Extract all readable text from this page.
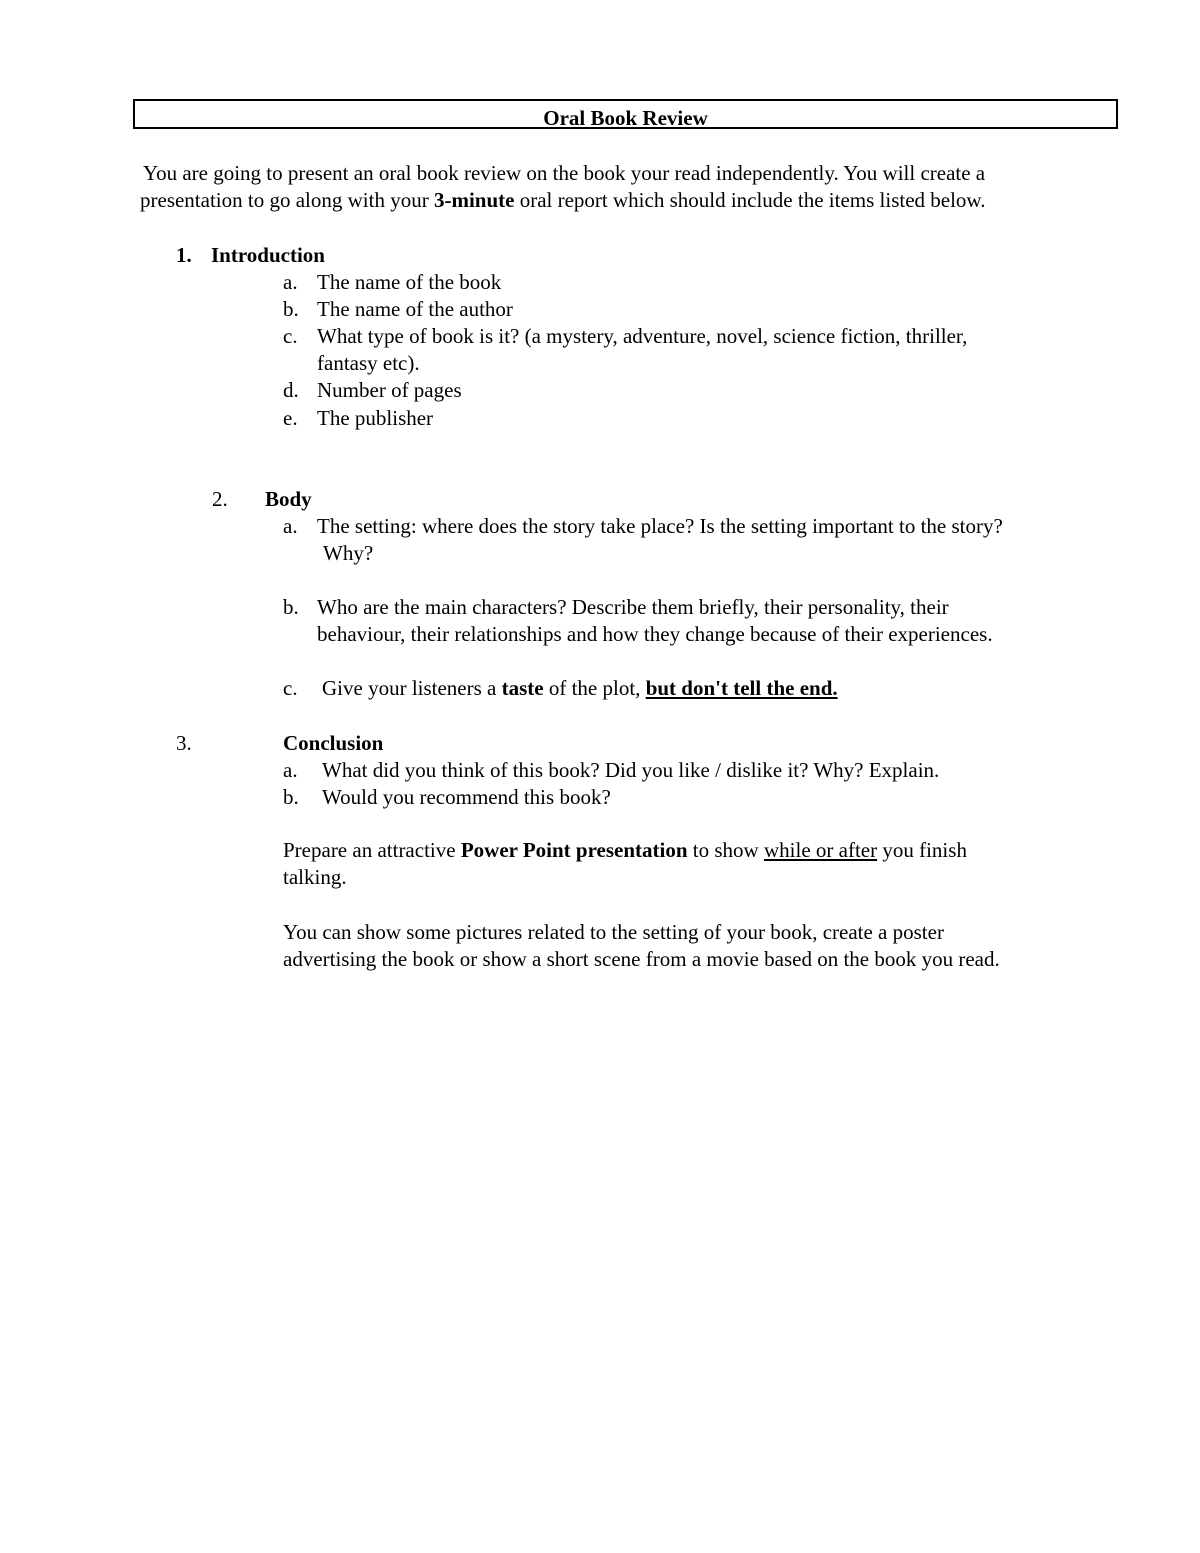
Oral Book Review
You are going to present an oral book review on the book your read independently. You will create a
presentation to go along with your 3-minute oral report which should include the items listed below.
1. Introduction
a. The name of the book
b. The name of the author
c. What type of book is it? (a mystery, adventure, novel, science fiction, thriller,
fantasy etc).
d. Number of pages
e. The publisher
2. Body
a. The setting: where does the story take place? Is the setting important to the story?
Why?
b. Who are the main characters? Describe them briefly, their personality, their
behaviour, their relationships and how they change because of their experiences.
c. Give your listeners a taste of the plot, but don't tell the end.
3.	Conclusion
a. What did you think of this book? Did you like / dislike it? Why? Explain.
b. Would you recommend this book?
Prepare an attractive Power Point presentation to show while or after you finish
talking.
You can show some pictures related to the setting of your book, create a poster
advertising the book or show a short scene from a movie based on the book you read.
